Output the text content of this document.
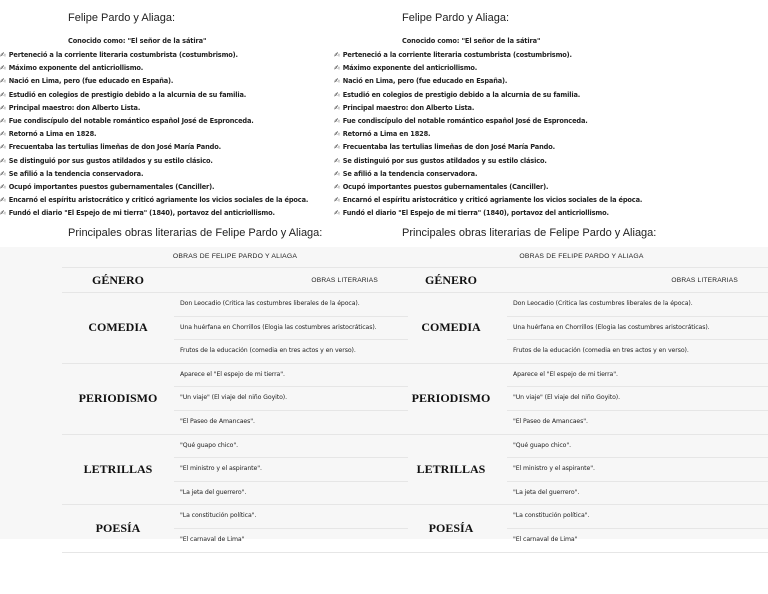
Felipe Pardo y Aliaga:
Conocido como: "El señor de la sátira"
✍ Perteneció a la corriente literaria costumbrista (costumbrismo).
✍ Máximo exponente del anticriollismo.
✍ Nació en Lima, pero (fue educado en España).
✍ Estudió en colegios de prestigio debido a la alcurnia de su familia.
✍ Principal maestro: don Alberto Lista.
✍ Fue condiscípulo del notable romántico español José de Espronceda.
✍ Retornó a Lima en 1828.
✍ Frecuentaba las tertulias limeñas de don José María Pando.
✍ Se distinguió por sus gustos atildados y su estilo clásico.
✍ Se afilió a la tendencia conservadora.
✍ Ocupó importantes puestos gubernamentales (Canciller).
✍ Encarnó el espíritu aristocrático y criticó agriamente los vicios sociales de la época.
✍ Fundó el diario "El Espejo de mi tierra" (1840), portavoz del anticriollismo.
Principales obras literarias de Felipe Pardo y Aliaga:
Felipe Pardo y Aliaga:
Conocido como: "El señor de la sátira"
✍ Perteneció a la corriente literaria costumbrista (costumbrismo).
✍ Máximo exponente del anticriollismo.
✍ Nació en Lima, pero (fue educado en España).
✍ Estudió en colegios de prestigio debido a la alcurnia de su familia.
✍ Principal maestro: don Alberto Lista.
✍ Fue condiscípulo del notable romántico español José de Espronceda.
✍ Retornó a Lima en 1828.
✍ Frecuentaba las tertulias limeñas de don José María Pando.
✍ Se distinguió por sus gustos atildados y su estilo clásico.
✍ Se afilió a la tendencia conservadora.
✍ Ocupó importantes puestos gubernamentales (Canciller).
✍ Encarnó el espíritu aristocrático y criticó agriamente los vicios sociales de la época.
✍ Fundó el diario "El Espejo de mi tierra" (1840), portavoz del anticriollismo.
Principales obras literarias de Felipe Pardo y Aliaga:
OBRAS DE FELIPE PARDO Y ALIAGA
GÉNERO	OBRAS LITERARIAS
COMEDIA
Don Leocadio (Critica las costumbres liberales de la época).
Una huérfana en Chorrillos (Elogia las costumbres aristocráticas).
Frutos de la educación (comedia en tres actos y en verso).
PERIODISMO
Aparece el "El espejo de mi tierra".
"Un viaje" (El viaje del niño Goyito).
"El Paseo de Amancaes".
LETRILLAS
"Qué guapo chico".
"El ministro y el aspirante".
"La jeta del guerrero".
POESÍA
"La constitución política".
"El carnaval de Lima"
OBRAS DE FELIPE PARDO Y ALIAGA
GÉNERO	OBRAS LITERARIAS
COMEDIA
Don Leocadio (Critica las costumbres liberales de la época).
Una huérfana en Chorrillos (Elogia las costumbres aristocráticas).
Frutos de la educación (comedia en tres actos y en verso).
PERIODISMO
Aparece el "El espejo de mi tierra".
"Un viaje" (El viaje del niño Goyito).
"El Paseo de Amancaes".
LETRILLAS
"Qué guapo chico".
"El ministro y el aspirante".
"La jeta del guerrero".
POESÍA
"La constitución política".
"El carnaval de Lima"
